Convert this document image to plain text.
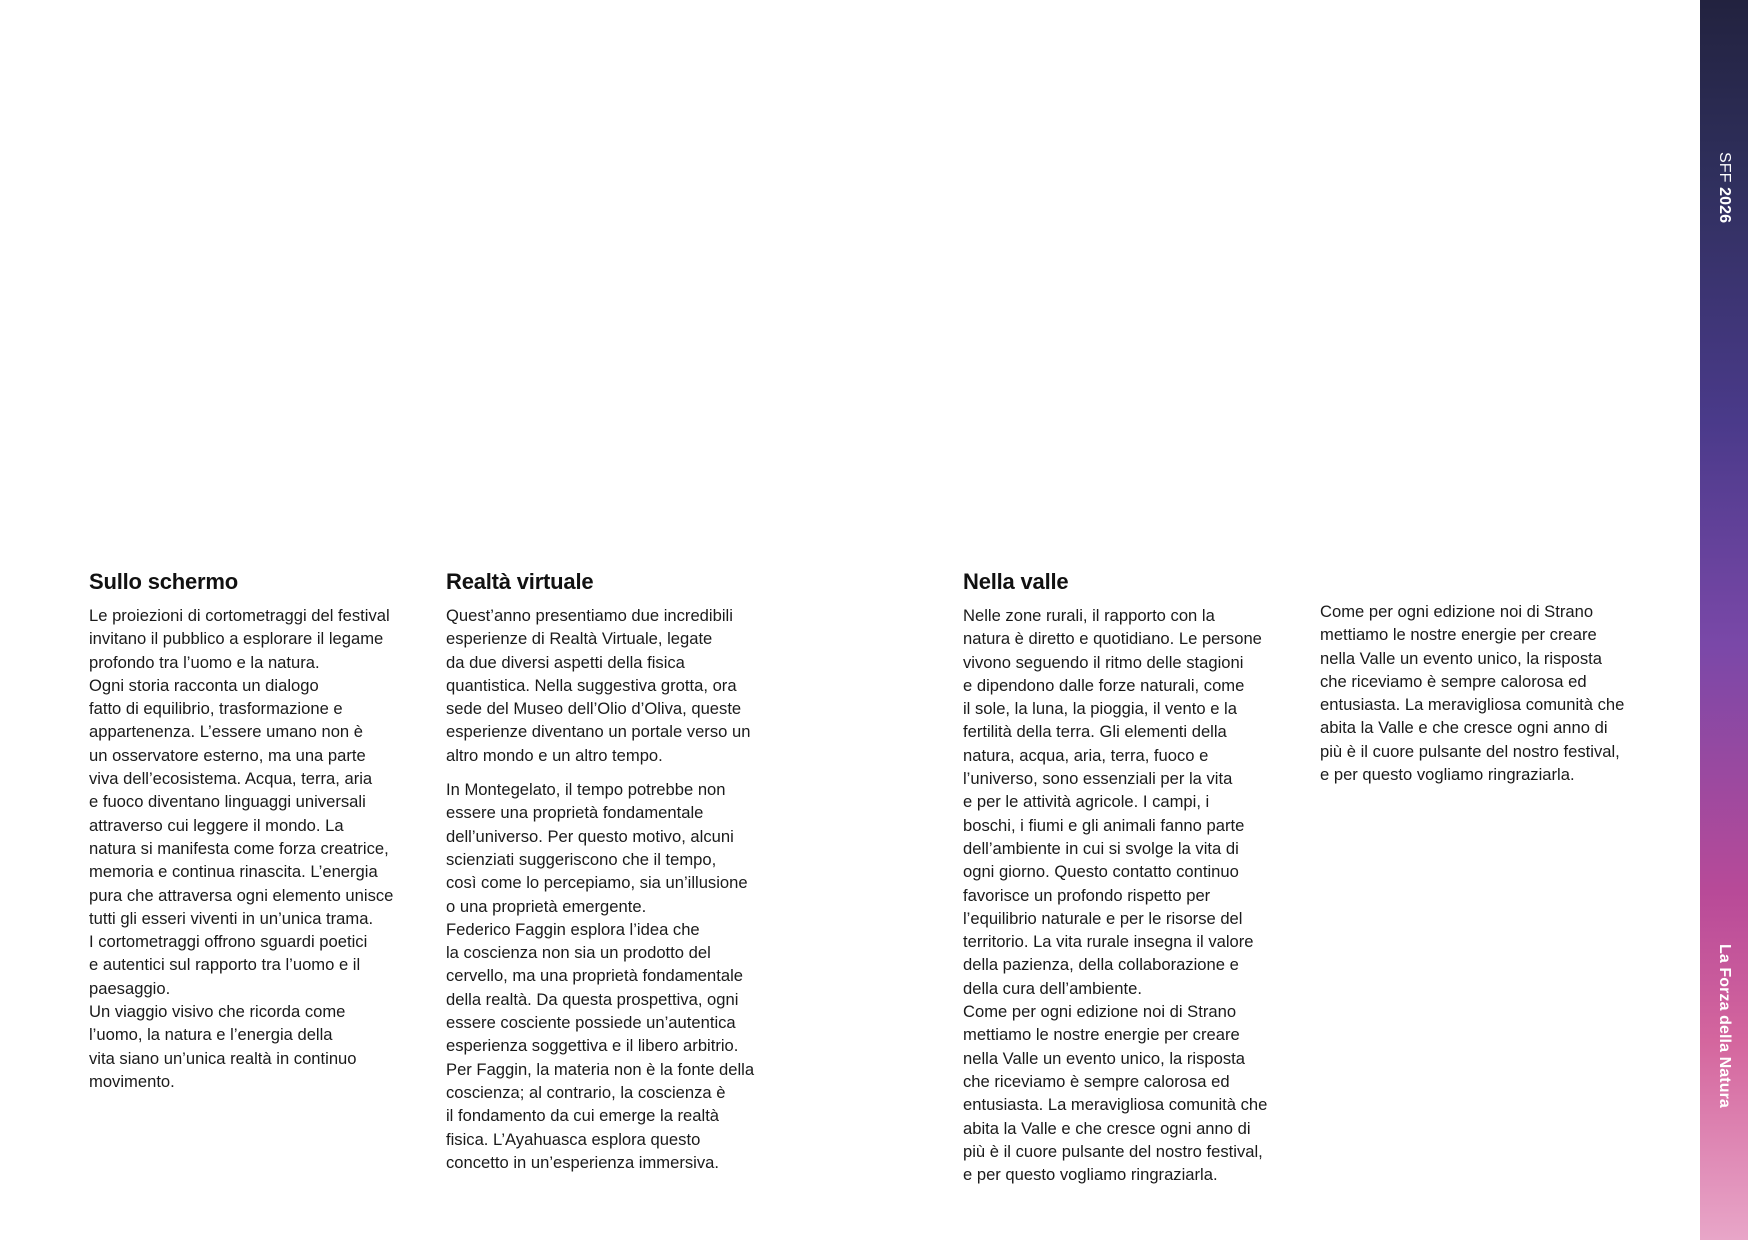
SFF 2026
La Forza della Natura
Sullo schermo

Le proiezioni di cortometraggi del festival
invitano il pubblico a esplorare il legame
profondo tra l’uomo e la natura.
Ogni storia racconta un dialogo
fatto di equilibrio, trasformazione e
appartenenza. L’essere umano non è
un osservatore esterno, ma una parte
viva dell’ecosistema. Acqua, terra, aria
e fuoco diventano linguaggi universali
attraverso cui leggere il mondo. La
natura si manifesta come forza creatrice,
memoria e continua rinascita. L’energia
pura che attraversa ogni elemento unisce
tutti gli esseri viventi in un’unica trama.
I cortometraggi offrono sguardi poetici
e autentici sul rapporto tra l’uomo e il
paesaggio.
Un viaggio visivo che ricorda come
l’uomo, la natura e l’energia della
vita siano un’unica realtà in continuo
movimento.

Realtà virtuale

Quest’anno presentiamo due incredibili
esperienze di Realtà Virtuale, legate
da due diversi aspetti della fisica
quantistica. Nella suggestiva grotta, ora
sede del Museo dell’Olio d’Oliva, queste
esperienze diventano un portale verso un
altro mondo e un altro tempo.

In Montegelato, il tempo potrebbe non
essere una proprietà fondamentale
dell’universo. Per questo motivo, alcuni
scienziati suggeriscono che il tempo,
così come lo percepiamo, sia un’illusione
o una proprietà emergente.
Federico Faggin esplora l’idea che
la coscienza non sia un prodotto del
cervello, ma una proprietà fondamentale
della realtà. Da questa prospettiva, ogni
essere cosciente possiede un’autentica
esperienza soggettiva e il libero arbitrio.
Per Faggin, la materia non è la fonte della
coscienza; al contrario, la coscienza è
il fondamento da cui emerge la realtà
fisica. L’Ayahuasca esplora questo
concetto in un’esperienza immersiva.

Nella valle

Nelle zone rurali, il rapporto con la
natura è diretto e quotidiano. Le persone
vivono seguendo il ritmo delle stagioni
e dipendono dalle forze naturali, come
il sole, la luna, la pioggia, il vento e la
fertilità della terra. Gli elementi della
natura, acqua, aria, terra, fuoco e
l’universo, sono essenziali per la vita
e per le attività agricole. I campi, i
boschi, i fiumi e gli animali fanno parte
dell’ambiente in cui si svolge la vita di
ogni giorno. Questo contatto continuo
favorisce un profondo rispetto per
l’equilibrio naturale e per le risorse del
territorio. La vita rurale insegna il valore
della pazienza, della collaborazione e
della cura dell’ambiente.
Come per ogni edizione noi di Strano
mettiamo le nostre energie per creare
nella Valle un evento unico, la risposta
che riceviamo è sempre calorosa ed
entusiasta. La meravigliosa comunità che
abita la Valle e che cresce ogni anno di
più è il cuore pulsante del nostro festival,
e per questo vogliamo ringraziarla.

Come per ogni edizione noi di Strano
mettiamo le nostre energie per creare
nella Valle un evento unico, la risposta
che riceviamo è sempre calorosa ed
entusiasta. La meravigliosa comunità che
abita la Valle e che cresce ogni anno di
più è il cuore pulsante del nostro festival,
e per questo vogliamo ringraziarla.
